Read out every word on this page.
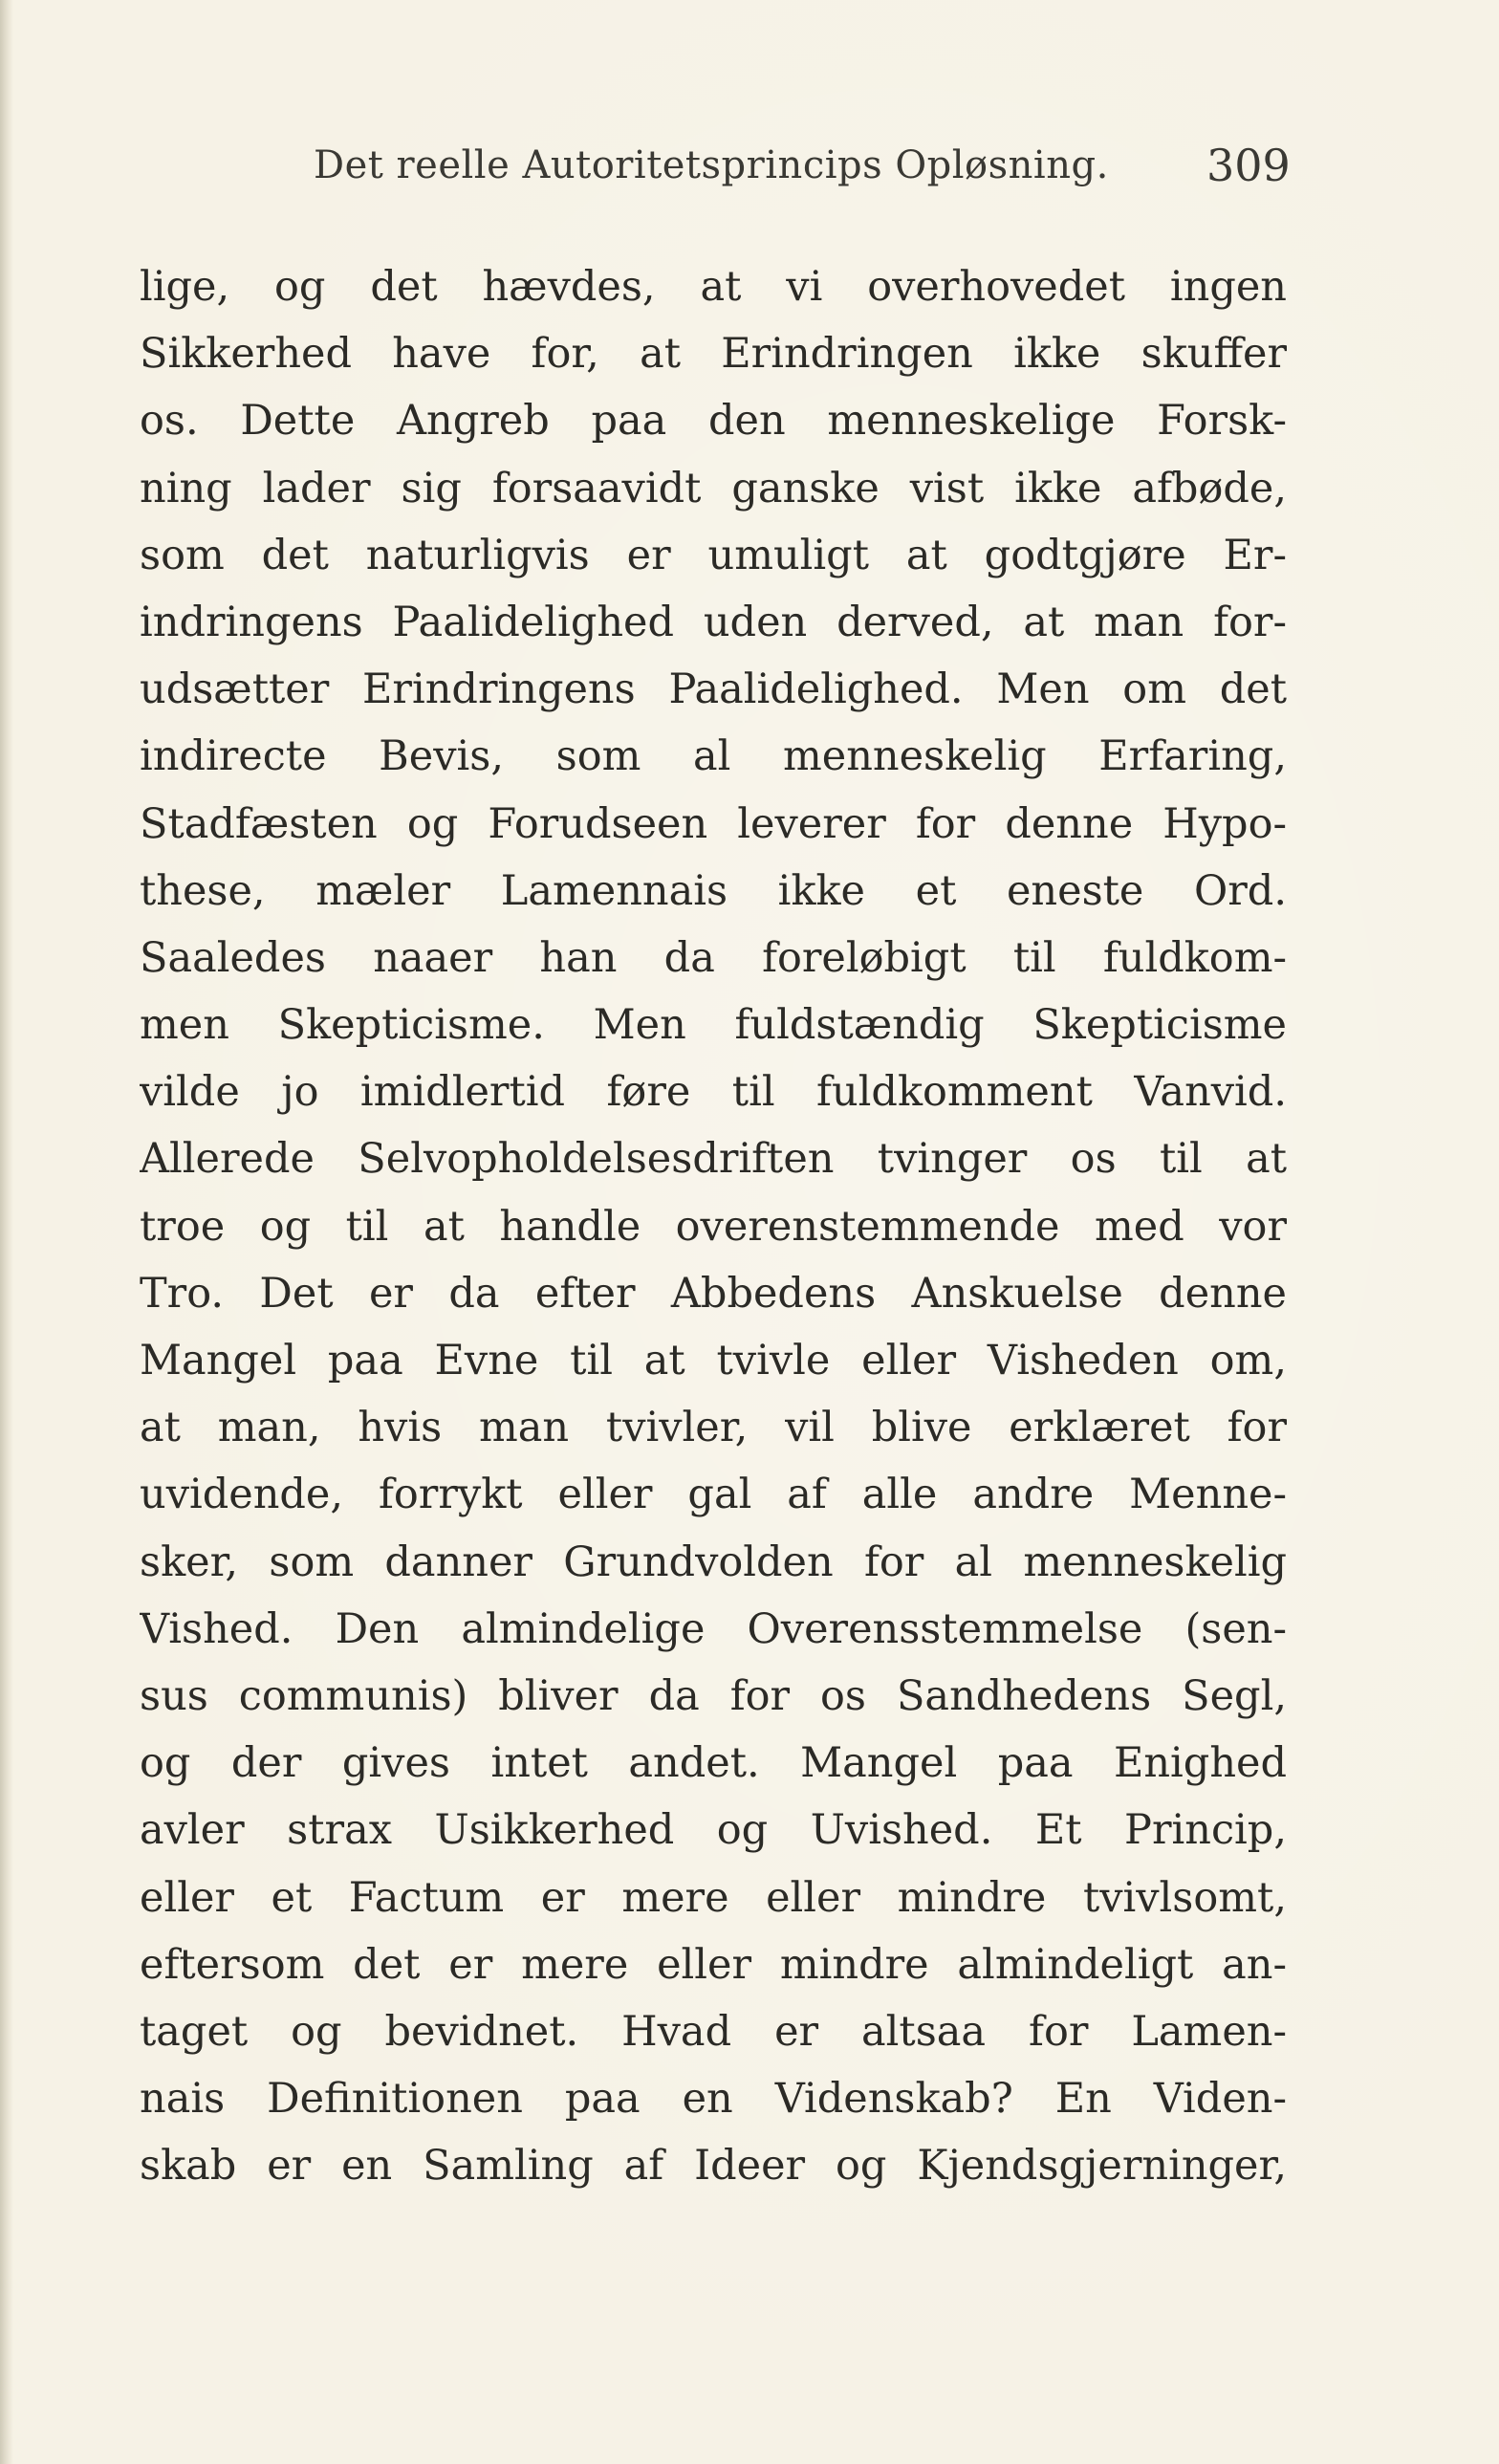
Det reelle Autoritetsprincips Opløsning. 309
lige, og det hævdes, at vi overhovedet ingen
Sikkerhed have for, at Erindringen ikke skuffer
os. Dette Angreb paa den menneskelige Forsk-
ning lader sig forsaavidt ganske vist ikke afbøde,
som det naturligvis er umuligt at godtgjøre Er-
indringens Paalidelighed uden derved, at man for-
udsætter Erindringens Paalidelighed. Men om det
indirecte Bevis, som al menneskelig Erfaring,
Stadfæsten og Forudseen leverer for denne Hypo-
these, mæler Lamennais ikke et eneste Ord.
Saaledes naaer han da foreløbigt til fuldkom-
men Skepticisme. Men fuldstændig Skepticisme
vilde jo imidlertid føre til fuldkomment Vanvid.
Allerede Selvopholdelsesdriften tvinger os til at
troe og til at handle overenstemmende med vor
Tro. Det er da efter Abbedens Anskuelse denne
Mangel paa Evne til at tvivle eller Visheden om,
at man, hvis man tvivler, vil blive erklæret for
uvidende, forrykt eller gal af alle andre Menne-
sker, som danner Grundvolden for al menneskelig
Vished. Den almindelige Overensstemmelse (sen-
sus communis) bliver da for os Sandhedens Segl,
og der gives intet andet. Mangel paa Enighed
avler strax Usikkerhed og Uvished. Et Princip,
eller et Factum er mere eller mindre tvivlsomt,
eftersom det er mere eller mindre almindeligt an-
taget og bevidnet. Hvad er altsaa for Lamen-
nais Definitionen paa en Videnskab? En Viden-
skab er en Samling af Ideer og Kjendsgjerninger,
